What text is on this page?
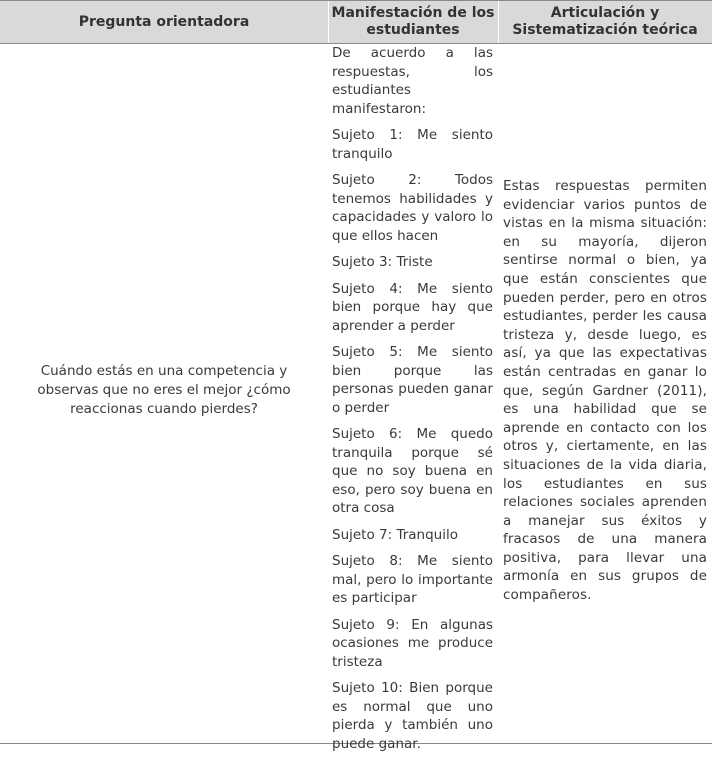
Pregunta orientadora
Manifestación de los estudiantes
Articulación y Sistematización teórica
Cuándo estás en una competencia y observas que no eres el mejor ¿cómo reaccionas cuando pierdes?

De acuerdo a las respuestas, los estudiantes manifestaron:

Sujeto 1: Me siento tranquilo

Sujeto 2: Todos tenemos habilidades y capacidades y valoro lo que ellos hacen

Sujeto 3: Triste

Sujeto 4: Me siento bien porque hay que aprender a perder

Sujeto 5: Me siento bien porque las personas pueden ganar o perder

Sujeto 6: Me quedo tranquila porque sé que no soy buena en eso, pero soy buena en otra cosa

Sujeto 7: Tranquilo

Sujeto 8: Me siento mal, pero lo importante es participar

Sujeto 9: En algunas ocasiones me produce tristeza

Sujeto 10: Bien porque es normal que uno pierda y también uno puede ganar.

Estas respuestas permiten evidenciar varios puntos de vistas en la misma situación: en su mayoría, dijeron sentirse normal o bien, ya que están conscientes que pueden perder, pero en otros estudiantes, perder les causa tristeza y, desde luego, es así, ya que las expectativas están centradas en ganar lo que, según Gardner (2011), es una habilidad que se aprende en contacto con los otros y, ciertamente, en las situaciones de la vida diaria, los estudiantes en sus relaciones sociales aprenden a manejar sus éxitos y fracasos de una manera positiva, para llevar una armonía en sus grupos de compañeros.
